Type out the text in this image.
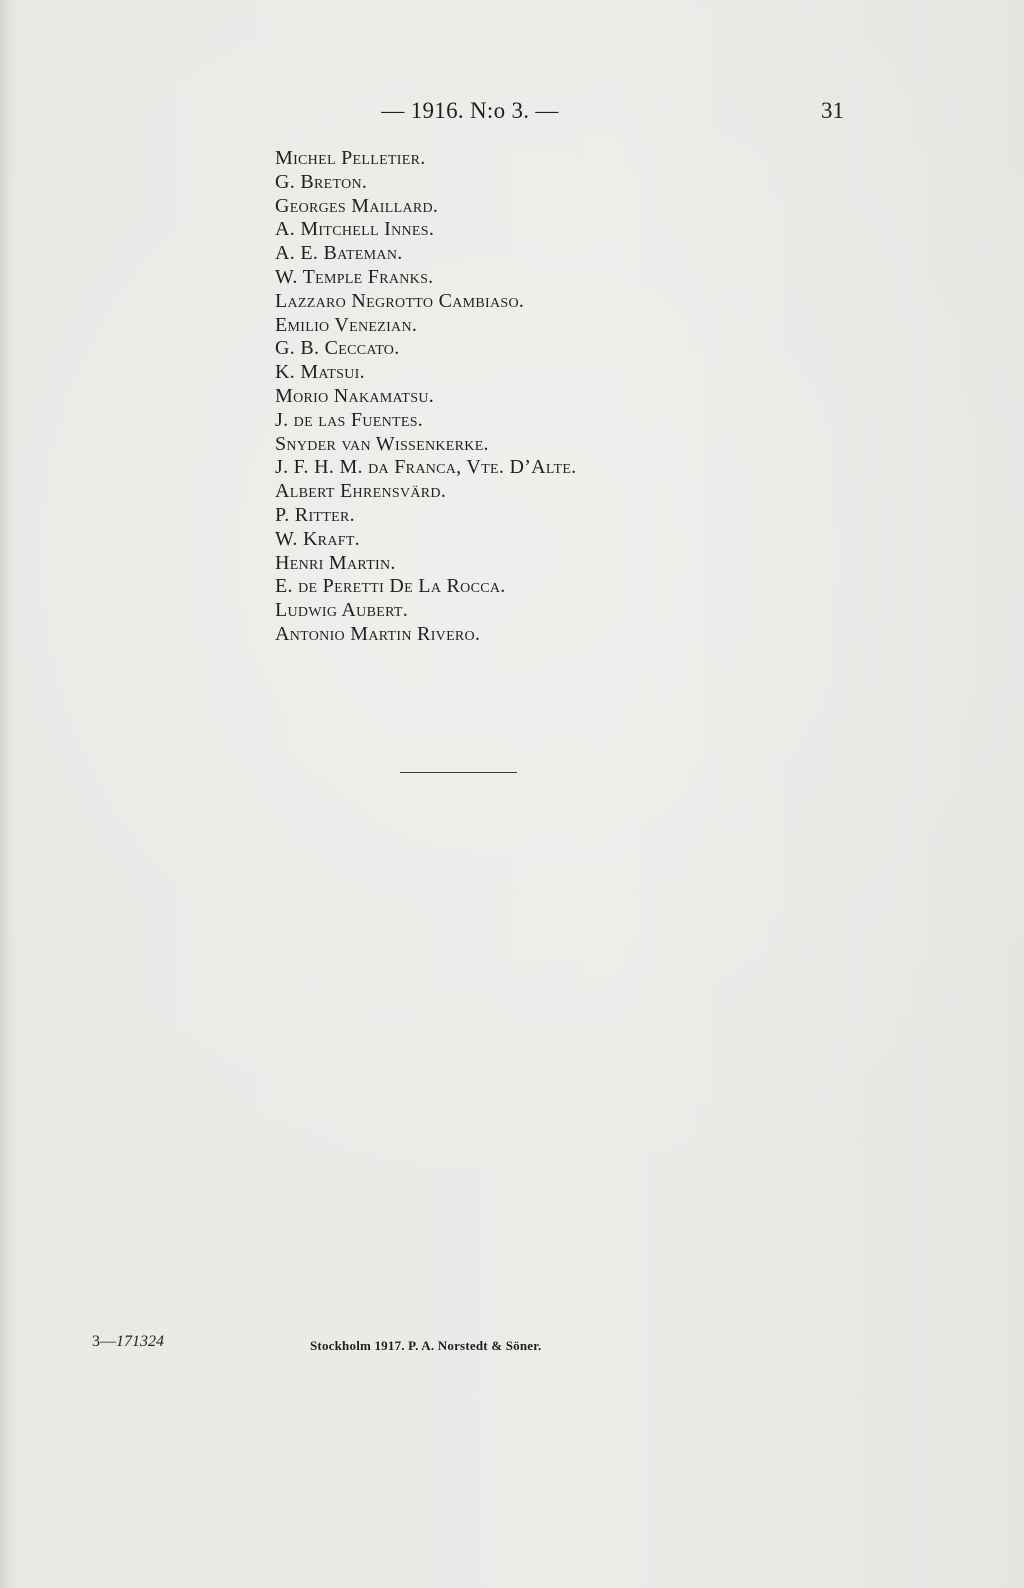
— 1916. N:o 3. —	31
Michel Pelletier.
G. Breton.
Georges Maillard.
A. Mitchell Innes.
A. E. Bateman.
W. Temple Franks.
Lazzaro Negrotto Cambiaso.
Emilio Venezian.
G. B. Ceccato.
K. Matsui.
Morio Nakamatsu.
J. de las Fuentes.
Snyder van Wissenkerke.
J. F. H. M. da Franca, Vte. D’Alte.
Albert Ehrensvärd.
P. Ritter.
W. Kraft.
Henri Martin.
E. de Peretti De La Rocca.
Ludwig Aubert.
Antonio Martin Rivero.
3—171324	Stockholm 1917. P. A. Norstedt & Söner.
